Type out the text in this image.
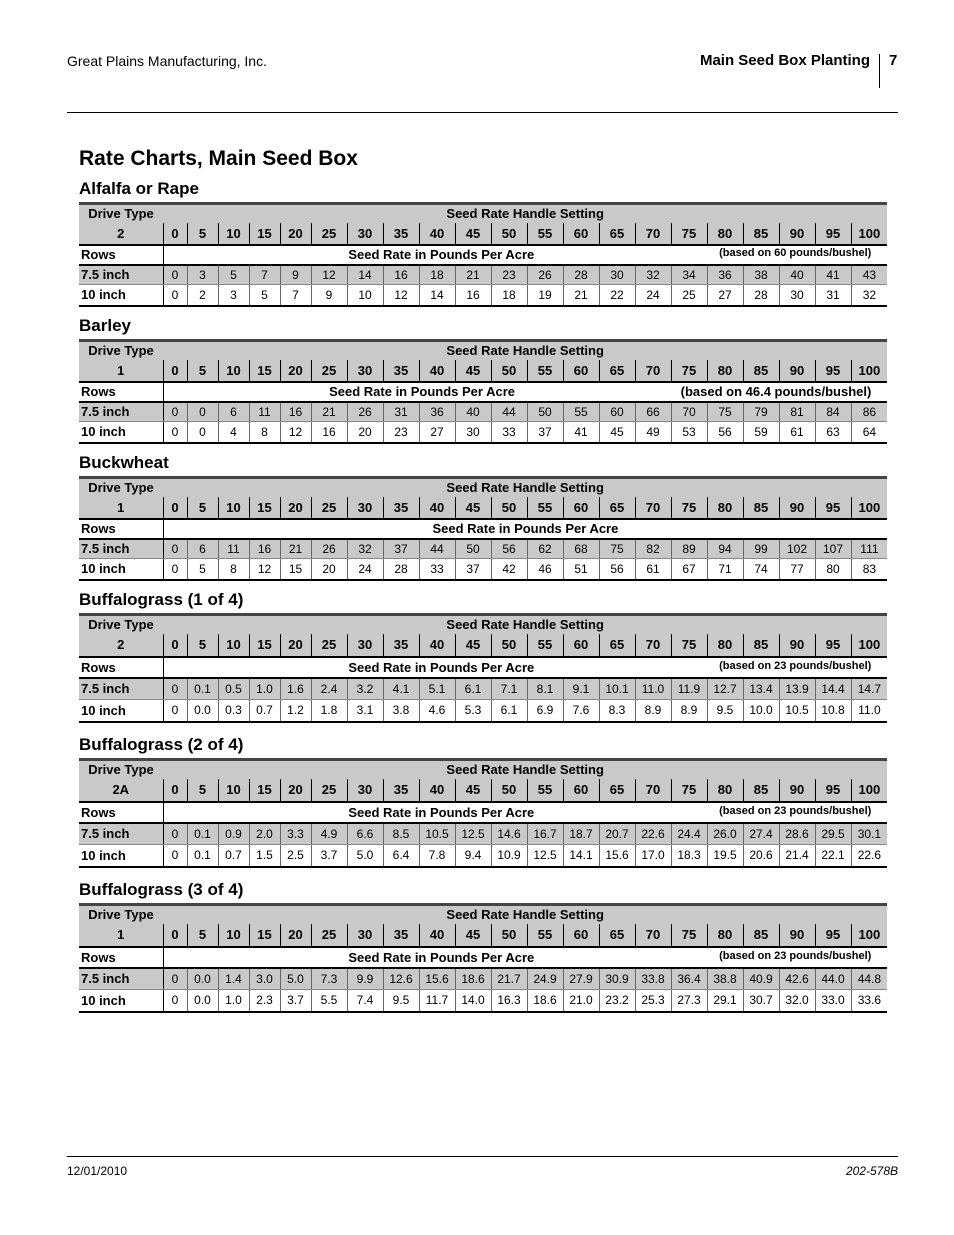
Great Plains Manufacturing, Inc.	Main Seed Box Planting 7
Rate Charts, Main Seed Box
Alfalfa or Rape
Drive Type	Seed Rate Handle Setting																				
2	0	5	10	15	20	25	30	35	40	45	50	55	60	65	70	75	80	85	90	95	100
Rows	Seed Rate in Pounds Per Acre (based on 60 pounds/bushel)																				

7.5 inch	0	3	5	7	9	12	14	16	18	21	23	26	28	30	32	34	36	38	40	41	43
10 inch	0	2	3	5	7	9	10	12	14	16	18	19	21	22	24	25	27	28	30	31	32
Barley
Drive Type	Seed Rate Handle Setting																				
1	0	5	10	15	20	25	30	35	40	45	50	55	60	65	70	75	80	85	90	95	100
Rows	Seed Rate in Pounds Per Acre (based on 46.4 pounds/bushel)																				

7.5 inch	0	0	6	11	16	21	26	31	36	40	44	50	55	60	66	70	75	79	81	84	86
10 inch	0	0	4	8	12	16	20	23	27	30	33	37	41	45	49	53	56	59	61	63	64
Buckwheat
Drive Type	Seed Rate Handle Setting																				
1	0	5	10	15	20	25	30	35	40	45	50	55	60	65	70	75	80	85	90	95	100
Rows	Seed Rate in Pounds Per Acre																				

7.5 inch	0	6	11	16	21	26	32	37	44	50	56	62	68	75	82	89	94	99	102	107	111
10 inch	0	5	8	12	15	20	24	28	33	37	42	46	51	56	61	67	71	74	77	80	83
Buffalograss (1 of 4)
Drive Type	Seed Rate Handle Setting																				
2	0	5	10	15	20	25	30	35	40	45	50	55	60	65	70	75	80	85	90	95	100
Rows	Seed Rate in Pounds Per Acre (based on 23 pounds/bushel)																				

7.5 inch	0	0.1	0.5	1.0	1.6	2.4	3.2	4.1	5.1	6.1	7.1	8.1	9.1	10.1	11.0	11.9	12.7	13.4	13.9	14.4	14.7
10 inch	0	0.0	0.3	0.7	1.2	1.8	3.1	3.8	4.6	5.3	6.1	6.9	7.6	8.3	8.9	8.9	9.5	10.0	10.5	10.8	11.0
Buffalograss (2 of 4)
Drive Type	Seed Rate Handle Setting																				
2A	0	5	10	15	20	25	30	35	40	45	50	55	60	65	70	75	80	85	90	95	100
Rows	Seed Rate in Pounds Per Acre (based on 23 pounds/bushel)																				

7.5 inch	0	0.1	0.9	2.0	3.3	4.9	6.6	8.5	10.5	12.5	14.6	16.7	18.7	20.7	22.6	24.4	26.0	27.4	28.6	29.5	30.1
10 inch	0	0.1	0.7	1.5	2.5	3.7	5.0	6.4	7.8	9.4	10.9	12.5	14.1	15.6	17.0	18.3	19.5	20.6	21.4	22.1	22.6
Buffalograss (3 of 4)
Drive Type	Seed Rate Handle Setting																				
1	0	5	10	15	20	25	30	35	40	45	50	55	60	65	70	75	80	85	90	95	100
Rows	Seed Rate in Pounds Per Acre (based on 23 pounds/bushel)																				

7.5 inch	0	0.0	1.4	3.0	5.0	7.3	9.9	12.6	15.6	18.6	21.7	24.9	27.9	30.9	33.8	36.4	38.8	40.9	42.6	44.0	44.8
10 inch	0	0.0	1.0	2.3	3.7	5.5	7.4	9.5	11.7	14.0	16.3	18.6	21.0	23.2	25.3	27.3	29.1	30.7	32.0	33.0	33.6
12/01/2010	202-578B
